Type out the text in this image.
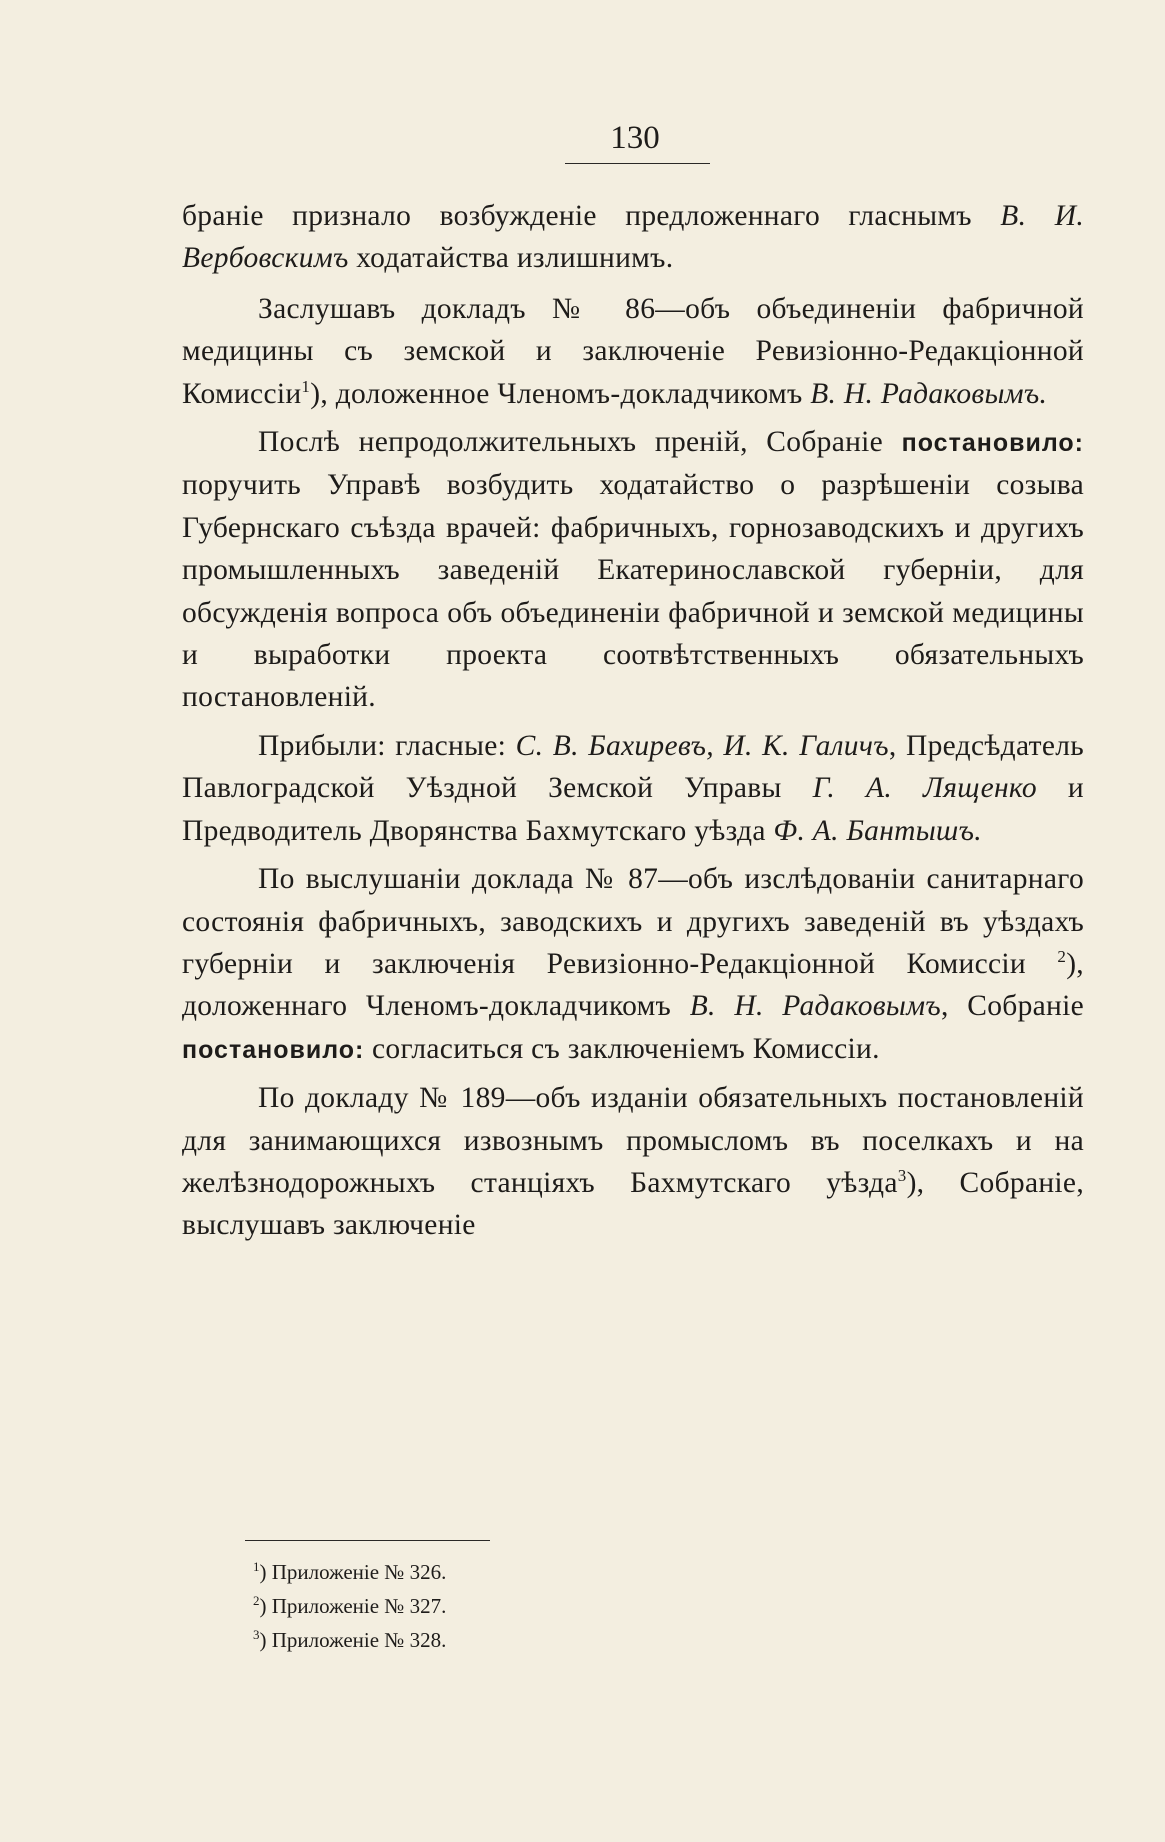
130

браніе признало возбужденіе предложеннаго гласнымъ В. И. Вербовскимъ ходатайства излишнимъ.

Заслушавъ докладъ № 86—объ объединеніи фабричной медицины съ земской и заключеніе Ревизіонно-Редакціонной Комиссіи$^1$), доложенное Членомъ-докладчикомъ В. Н. Радаковымъ.

Послѣ непродолжительныхъ преній, Собраніе постановило: поручить Управѣ возбудить ходатайство о разрѣшеніи созыва Губернскаго съѣзда врачей: фабричныхъ, горнозаводскихъ и другихъ промышленныхъ заведеній Екатеринославской губерніи, для обсужденія вопроса объ объединеніи фабричной и земской медицины и выработки проекта соотвѣтственныхъ обязательныхъ постановленій.

Прибыли: гласные: С. В. Бахиревъ, И. К. Галичъ, Предсѣдатель Павлоградской Уѣздной Земской Управы Г. А. Лященко и Предводитель Дворянства Бахмутскаго уѣзда Ф. А. Бантышъ.

По выслушаніи доклада № 87—объ изслѣдованіи санитарнаго состоянія фабричныхъ, заводскихъ и другихъ заведеній въ уѣздахъ губерніи и заключенія Ревизіонно-Редакціонной Комиссіи $^2$), доложеннаго Членомъ-докладчикомъ В. Н. Радаковымъ, Собраніе постановило: согласиться съ заключеніемъ Комиссіи.

По докладу № 189—объ изданіи обязательныхъ постановленій для занимающихся извознымъ промысломъ въ поселкахъ и на желѣзнодорожныхъ станціяхъ Бахмутскаго уѣзда$^3$), Собраніе, выслушавъ заключеніе

$^1$) Приложеніе № 326.
$^2$) Приложеніе № 327.
$^3$) Приложеніе № 328.
